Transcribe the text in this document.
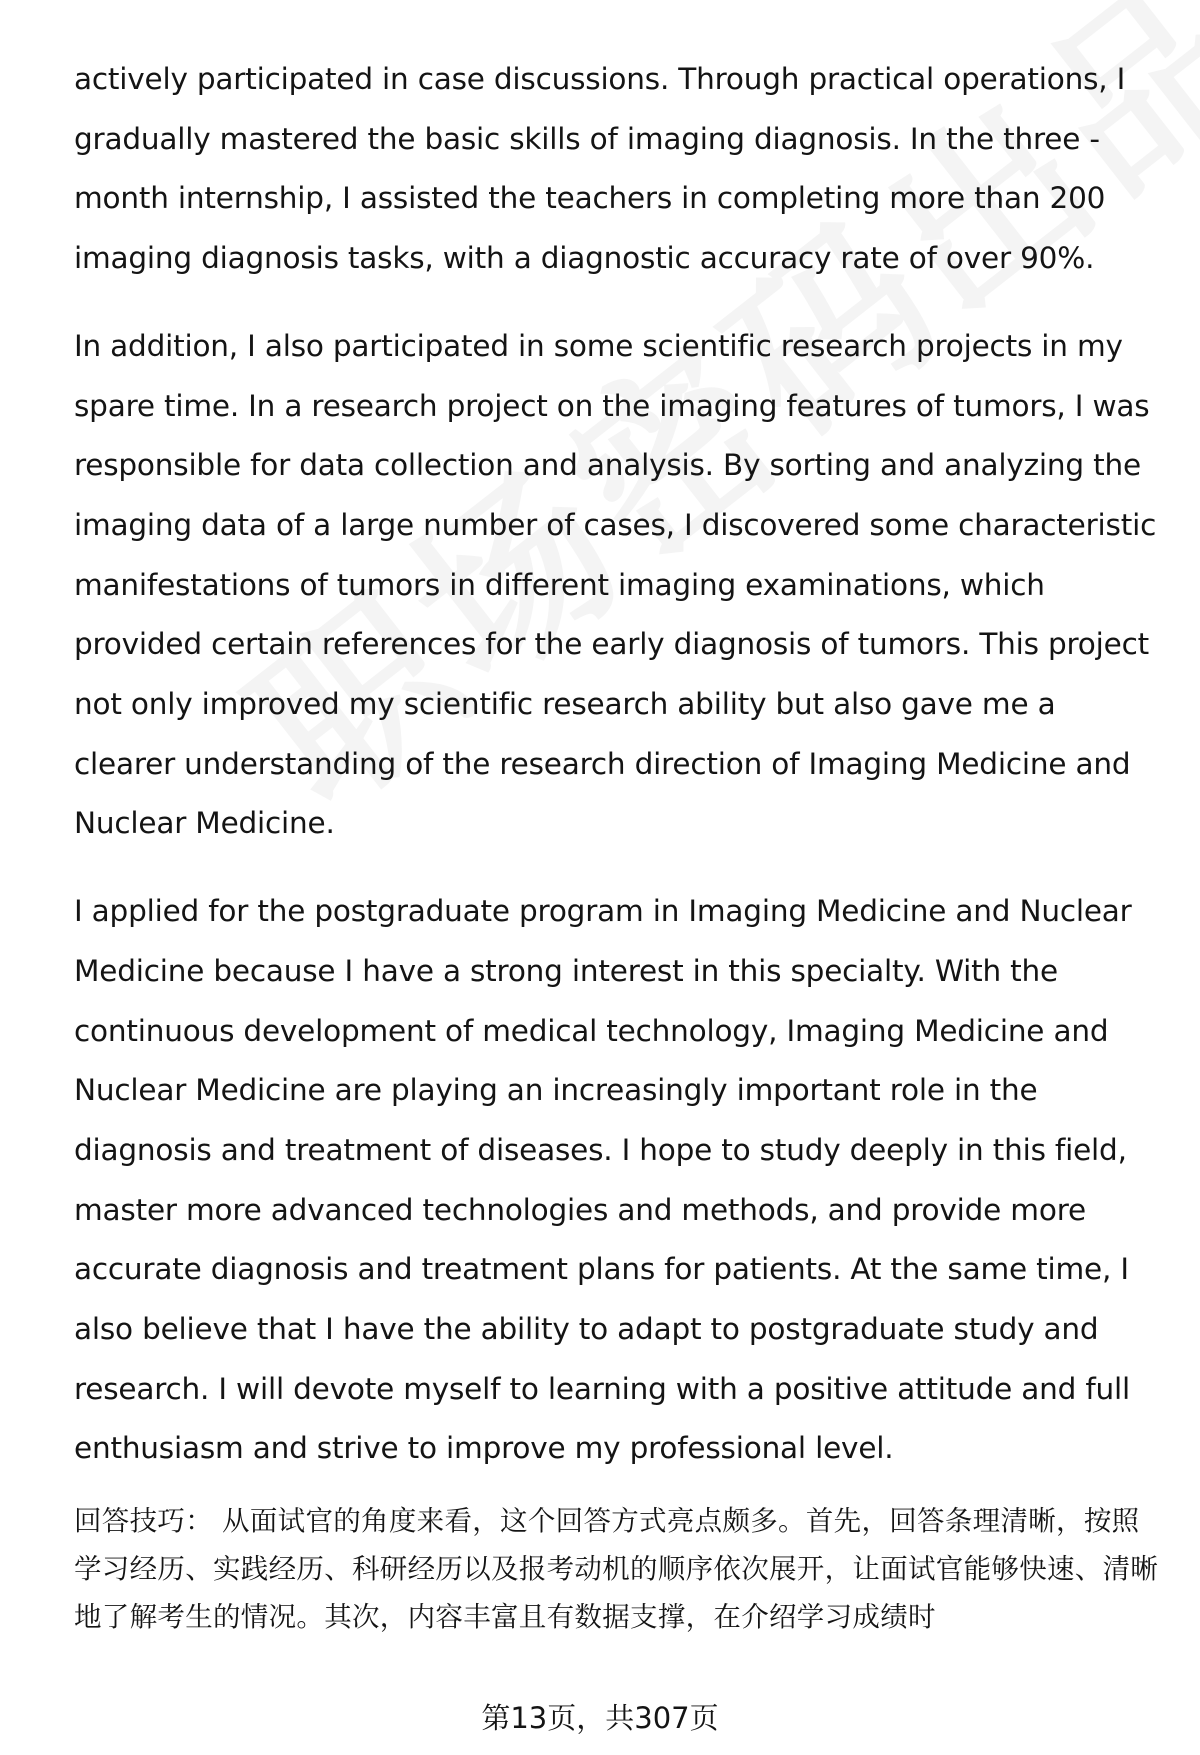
actively participated in case discussions. Through practical operations, I gradually mastered the basic skills of imaging diagnosis. In the three - month internship, I assisted the teachers in completing more than 200 imaging diagnosis tasks, with a diagnostic accuracy rate of over 90%.

In addition, I also participated in some scientific research projects in my spare time. In a research project on the imaging features of tumors, I was responsible for data collection and analysis. By sorting and analyzing the imaging data of a large number of cases, I discovered some characteristic manifestations of tumors in different imaging examinations, which provided certain references for the early diagnosis of tumors. This project not only improved my scientific research ability but also gave me a clearer understanding of the research direction of Imaging Medicine and Nuclear Medicine.

I applied for the postgraduate program in Imaging Medicine and Nuclear Medicine because I have a strong interest in this specialty. With the continuous development of medical technology, Imaging Medicine and Nuclear Medicine are playing an increasingly important role in the diagnosis and treatment of diseases. I hope to study deeply in this field, master more advanced technologies and methods, and provide more accurate diagnosis and treatment plans for patients. At the same time, I also believe that I have the ability to adapt to postgraduate study and research. I will devote myself to learning with a positive attitude and full enthusiasm and strive to improve my professional level.

回答技巧： 从面试官的角度来看，这个回答方式亮点颇多。首先，回答条理清晰，按照学习经历、实践经历、科研经历以及报考动机的顺序依次展开，让面试官能够快速、清晰地了解考生的情况。其次，内容丰富且有数据支撑，在介绍学习成绩时
第13页，共307页
